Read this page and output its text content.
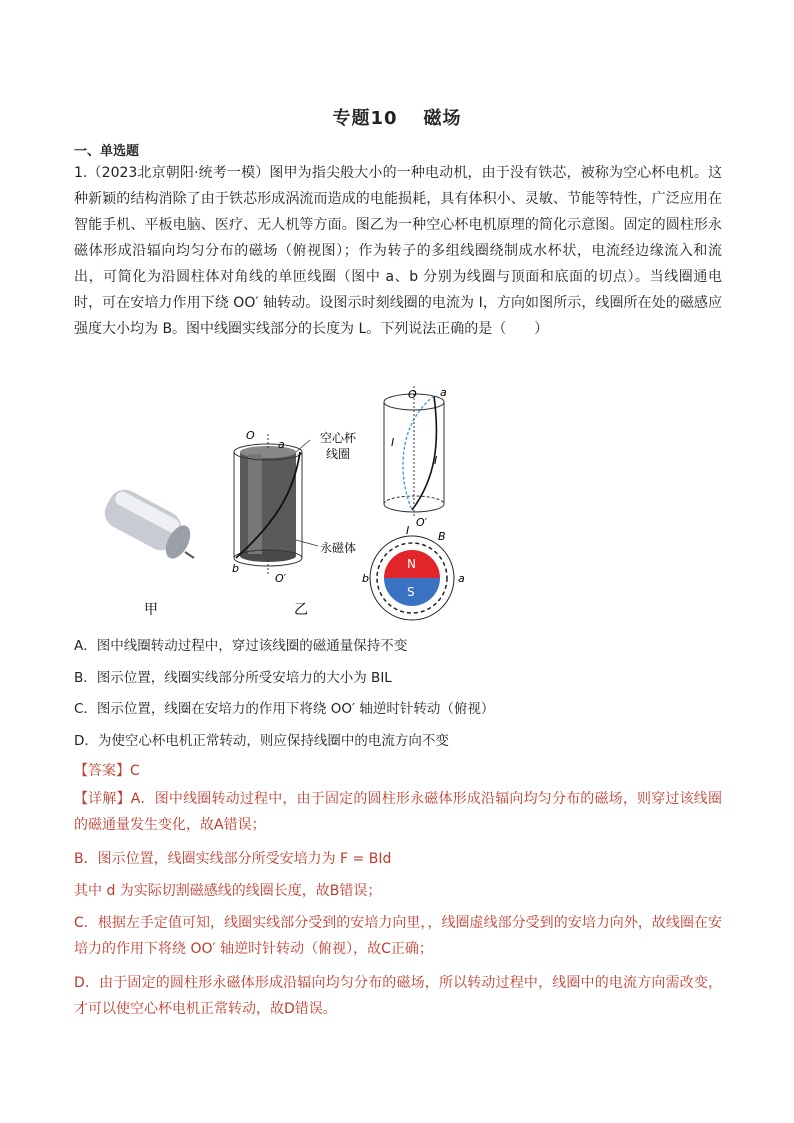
专题10 磁场
一、单选题
1.（2023北京朝阳·统考一模）图甲为指尖般大小的一种电动机，由于没有铁芯，被称为空心杯电机。这种新颖的结构消除了由于铁芯形成涡流而造成的电能损耗，具有体积小、灵敏、节能等特性，广泛应用在智能手机、平板电脑、医疗、无人机等方面。图乙为一种空心杯电机原理的简化示意图。固定的圆柱形永磁体形成沿辐向均匀分布的磁场（俯视图）；作为转子的多组线圈绕制成水杯状，电流经边缘流入和流出，可简化为沿圆柱体对角线的单匝线圈（图中 a、b 分别为线圈与顶面和底面的切点）。当线圈通电时，可在安培力作用下绕 OO′ 轴转动。设图示时刻线圈的电流为 I，方向如图所示，线圈所在处的磁感应强度大小均为 B。图中线圈实线部分的长度为 L。下列说法正确的是（　　）
甲
O
a
b
O′
空心杯
线圈
永磁体
乙
O a
I
I
O′
N
S
I	B
b	a
A．图中线圈转动过程中，穿过该线圈的磁通量保持不变
B．图示位置，线圈实线部分所受安培力的大小为 BIL
C．图示位置，线圈在安培力的作用下将绕 OO′ 轴逆时针转动（俯视）
D．为使空心杯电机正常转动，则应保持线圈中的电流方向不变
【答案】C
【详解】A．图中线圈转动过程中，由于固定的圆柱形永磁体形成沿辐向均匀分布的磁场，则穿过该线圈的磁通量发生变化，故A错误；
B．图示位置，线圈实线部分所受安培力为 F = BId
其中 d 为实际切割磁感线的线圈长度，故B错误；
C．根据左手定值可知，线圈实线部分受到的安培力向里，，线圈虚线部分受到的安培力向外，故线圈在安培力的作用下将绕 OO′ 轴逆时针转动（俯视），故C正确；
D．由于固定的圆柱形永磁体形成沿辐向均匀分布的磁场，所以转动过程中，线圈中的电流方向需改变，才可以使空心杯电机正常转动，故D错误。
